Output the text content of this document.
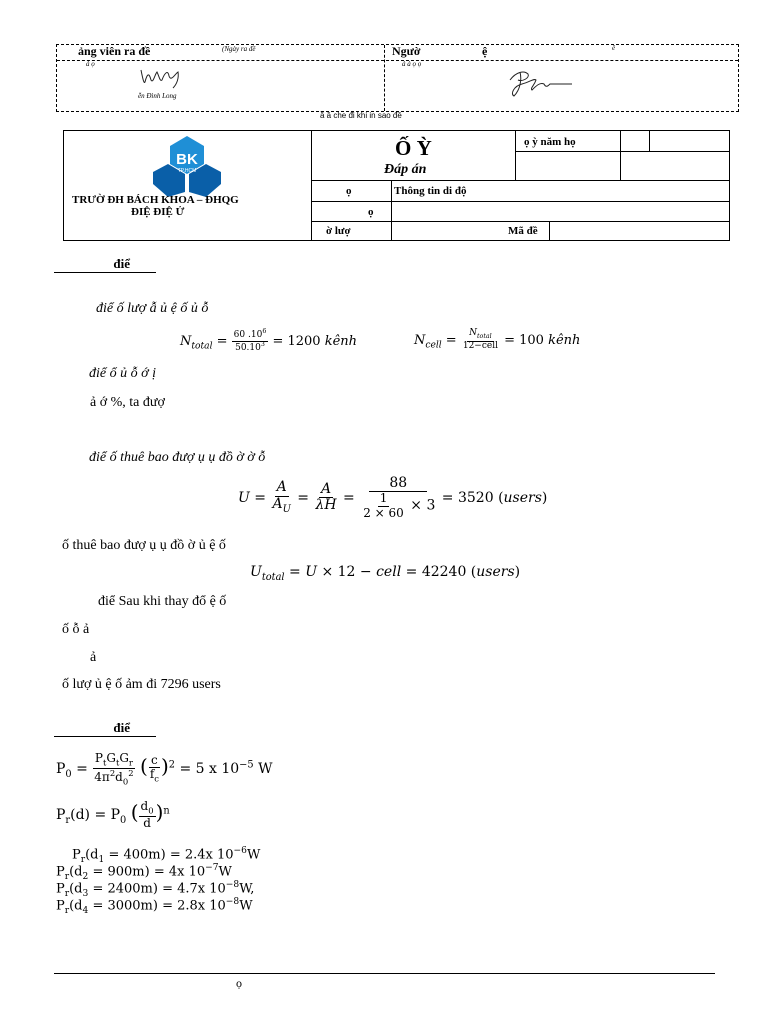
ảng viên ra đề	(Ngày ra đề	Ngườ	ệ	ề
ả ọ	ả ả ọ ọ
ễn Đình Long
ầ ầ che đi khi in sao đề
BK
TP.HCM
TRƯỜ ĐH BÁCH KHOA – ĐHQG
ĐIỆ ĐIỆ Ử
Ố Ỳ
Đáp án
ọ ỳ năm họ
ọ	Thông tin di độ
ọ
ờ lượ	Mã đề
điể
điể ố lượ ẫ ủ ệ ố ủ ỗ
$N_{total} = \frac{60 .10^6}{50.10^3} = 1200$ kênh	$N_{cell} = \frac{N_{total}}{\text{12−cell}} = 100$ kênh
điể ổ ủ ỗ ớ ị
ả ớ %, ta đượ
điể ố thuê bao đượ ụ ụ đồ ờ ờ ỗ
$U = \frac{A}{A_U} = \frac{A}{\lambda H} = \frac{88}{\frac{1}{2 \times 60} \times 3} = 3520$ (users)
ố thuê bao đượ ụ ụ đồ ờ ủ ệ ố
$U_{total} = U \times 12$ − cell = 42240 (users)
điể Sau khi thay đổ ệ ố
ố ỗ ả
ả
ố lượ ủ ệ ố ảm đi 7296 users
điể
$P_0 = \frac{P_tG_tG_r}{4\pi^2d_0^2}$ ( $\frac{c}{f_c} )^2 = 5$ x $10^{-5}$ W
$P_r(d) = P_0$ ( $\frac{d_0}{d} )^n$
$P_r(d_1 = 400m) = 2.4x$ $10^{-6}W$
$P_r(d_2 = 900m) = 4x$ $10^{-7}W$
$P_r(d_3 = 2400m) = 4.7x$ $10^{-8}W$,
$P_r(d_4 = 3000m) = 2.8x$ $10^{-8}W$
ọ
